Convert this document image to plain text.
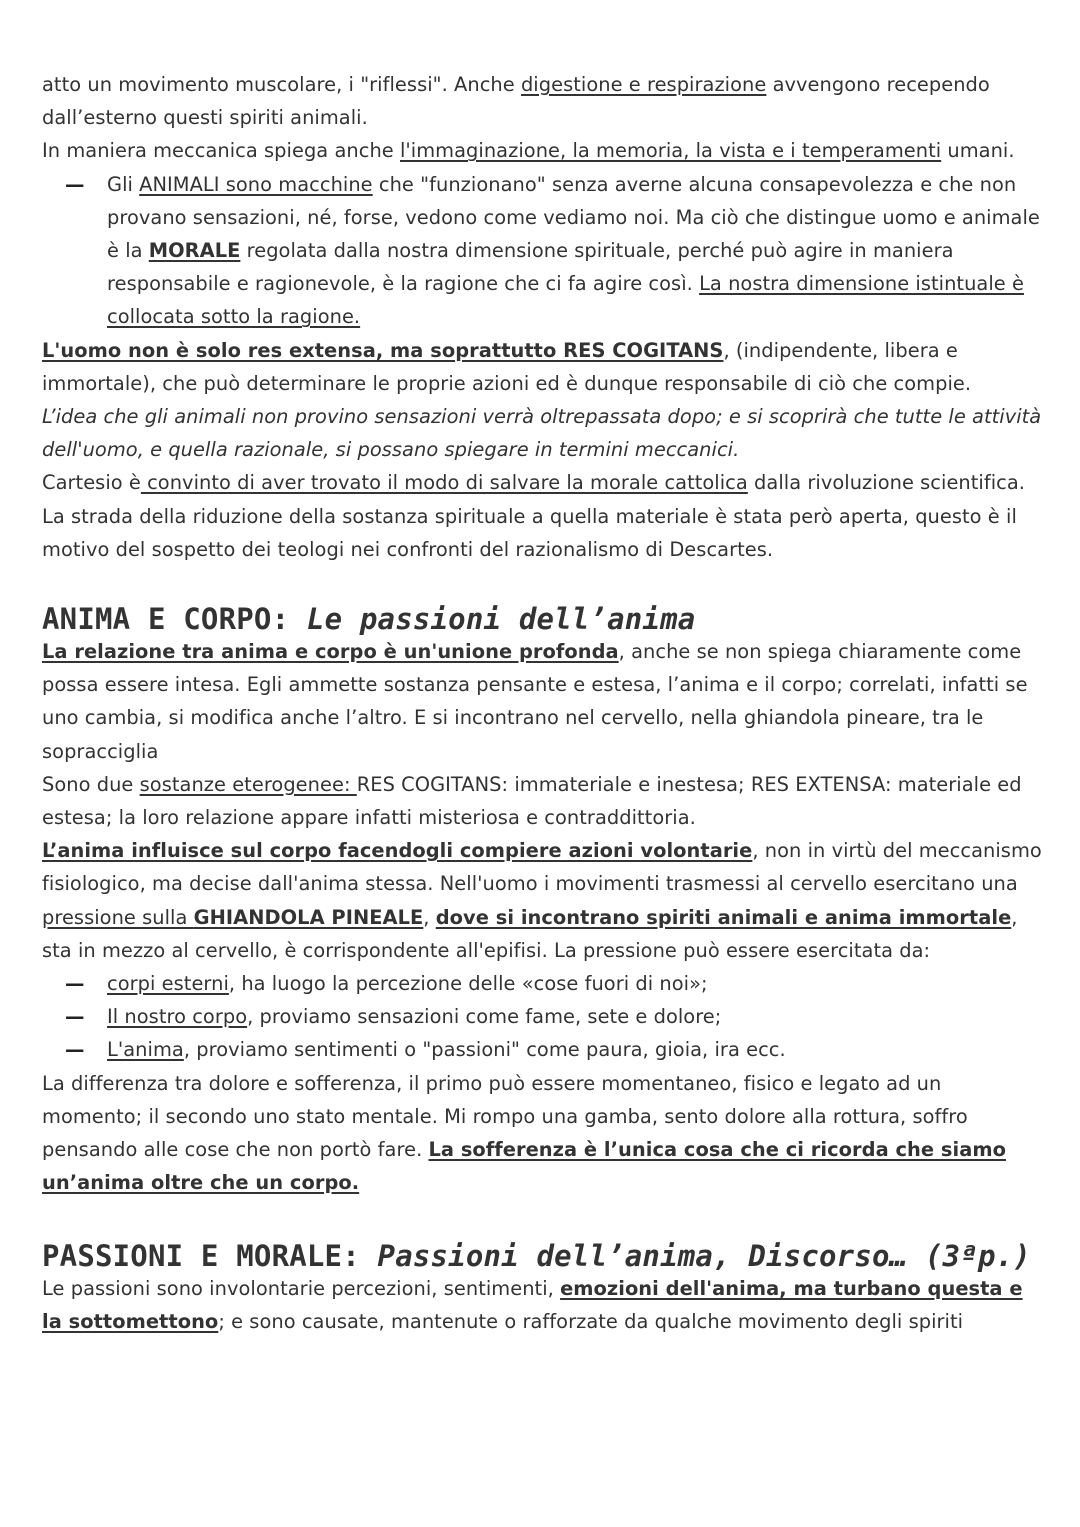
atto un movimento muscolare, i "riflessi". Anche digestione e respirazione avvengono recependo dall’esterno questi spiriti animali.

In maniera meccanica spiega anche l'immaginazione, la memoria, la vista e i temperamenti umani.

— Gli ANIMALI sono macchine che "funzionano" senza averne alcuna consapevolezza e che non provano sensazioni, né, forse, vedono come vediamo noi. Ma ciò che distingue uomo e animale è la MORALE regolata dalla nostra dimensione spirituale, perché può agire in maniera responsabile e ragionevole, è la ragione che ci fa agire così. La nostra dimensione istintuale è collocata sotto la ragione.

L'uomo non è solo res extensa, ma soprattutto RES COGITANS, (indipendente, libera e immortale), che può determinare le proprie azioni ed è dunque responsabile di ciò che compie.

L’idea che gli animali non provino sensazioni verrà oltrepassata dopo; e si scoprirà che tutte le attività dell'uomo, e quella razionale, si possano spiegare in termini meccanici.

Cartesio è convinto di aver trovato il modo di salvare la morale cattolica dalla rivoluzione scientifica. La strada della riduzione della sostanza spirituale a quella materiale è stata però aperta, questo è il motivo del sospetto dei teologi nei confronti del razionalismo di Descartes.

ANIMA E CORPO: Le passioni dell’anima

La relazione tra anima e corpo è un'unione profonda, anche se non spiega chiaramente come possa essere intesa. Egli ammette sostanza pensante e estesa, l’anima e il corpo; correlati, infatti se uno cambia, si modifica anche l’altro. E si incontrano nel cervello, nella ghiandola pineare, tra le sopracciglia

Sono due sostanze eterogenee: RES COGITANS: immateriale e inestesa; RES EXTENSA: materiale ed estesa; la loro relazione appare infatti misteriosa e contraddittoria.

L’anima influisce sul corpo facendogli compiere azioni volontarie, non in virtù del meccanismo fisiologico, ma decise dall'anima stessa. Nell'uomo i movimenti trasmessi al cervello esercitano una pressione sulla GHIANDOLA PINEALE, dove si incontrano spiriti animali e anima immortale, sta in mezzo al cervello, è corrispondente all'epifisi. La pressione può essere esercitata da:

— corpi esterni, ha luogo la percezione delle «cose fuori di noi»;
— Il nostro corpo, proviamo sensazioni come fame, sete e dolore;
— L'anima, proviamo sentimenti o "passioni" come paura, gioia, ira ecc.

La differenza tra dolore e sofferenza, il primo può essere momentaneo, fisico e legato ad un momento; il secondo uno stato mentale. Mi rompo una gamba, sento dolore alla rottura, soffro pensando alle cose che non portò fare. La sofferenza è l’unica cosa che ci ricorda che siamo un’anima oltre che un corpo.

PASSIONI E MORALE: Passioni dell’anima, Discorso… (3ªp.)

Le passioni sono involontarie percezioni, sentimenti, emozioni dell'anima, ma turbano questa e la sottomettono; e sono causate, mantenute o rafforzate da qualche movimento degli spiriti
